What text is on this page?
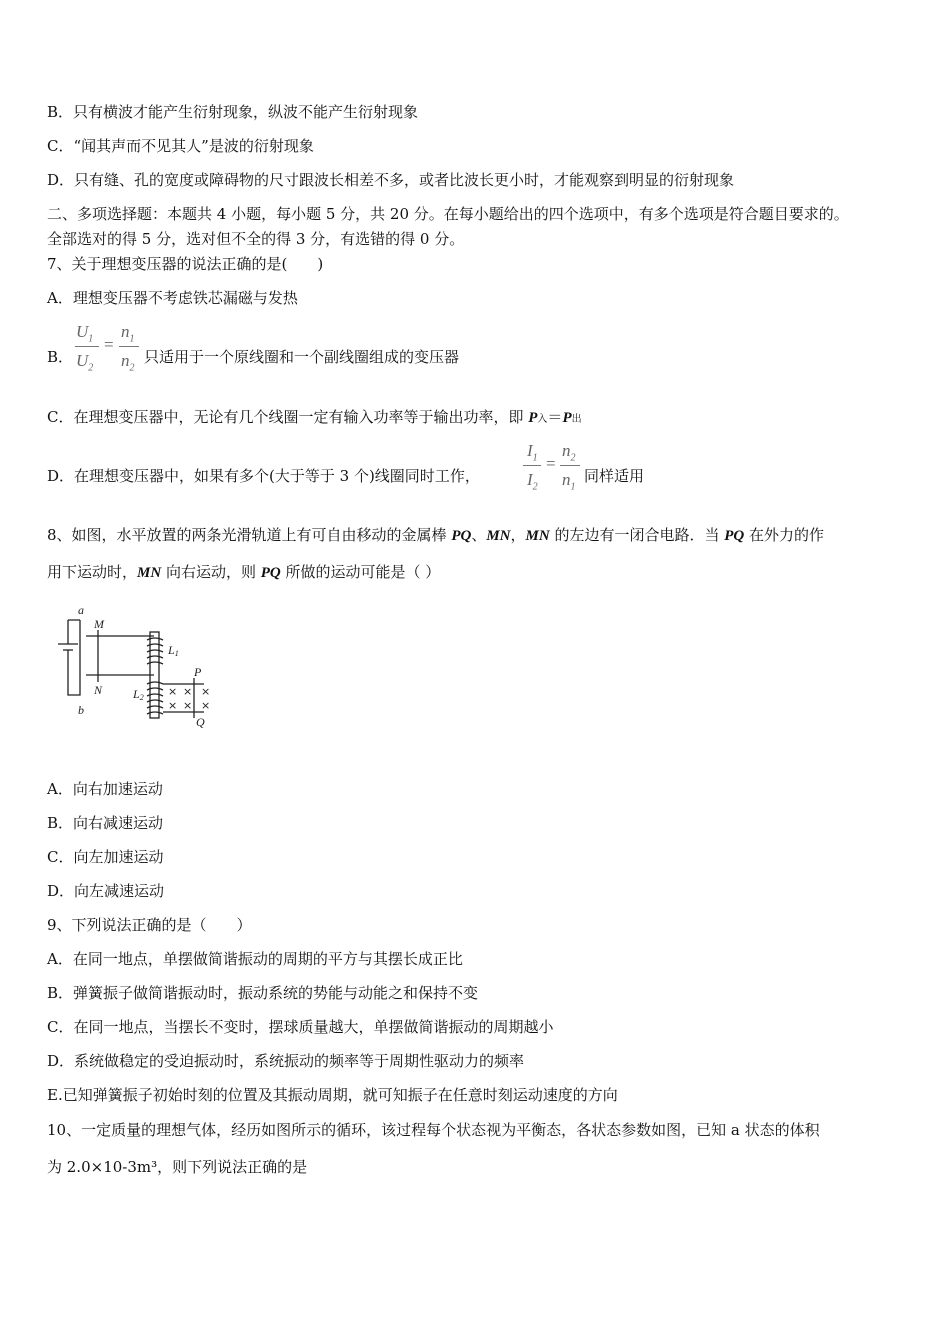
B．只有横波才能产生衍射现象，纵波不能产生衍射现象
C．“闻其声而不见其人”是波的衍射现象
D．只有缝、孔的宽度或障碍物的尺寸跟波长相差不多，或者比波长更小时，才能观察到明显的衍射现象
二、多项选择题：本题共 4 小题，每小题 5 分，共 20 分。在每小题给出的四个选项中，有多个选项是符合题目要求的。
全部选对的得 5 分，选对但不全的得 3 分，有选错的得 0 分。
7、关于理想变压器的说法正确的是(　　)
A．理想变压器不考虑铁芯漏磁与发热
B．
$U_1$
$U_2$
=
$n_1$
$n_2$
只适用于一个原线圈和一个副线圈组成的变压器
C．在理想变压器中，无论有几个线圈一定有输入功率等于输出功率，即 P入＝P出
D．在理想变压器中，如果有多个(大于等于 3 个)线圈同时工作，
$I_1$
$I_2$
=
$n_2$
$n_1$
同样适用
8、如图，水平放置的两条光滑轨道上有可自由移动的金属棒 PQ、MN，MN 的左边有一闭合电路．当 PQ 在外力的作
用下运动时，MN 向右运动，则 PQ 所做的运动可能是（ ）
a
b
M
N
L1
L2
P
Q
× × ×
× × ×
A．向右加速运动
B．向右减速运动
C．向左加速运动
D．向左减速运动
9、下列说法正确的是（　　）
A．在同一地点，单摆做简谐振动的周期的平方与其摆长成正比
B．弹簧振子做简谐振动时，振动系统的势能与动能之和保持不变
C．在同一地点，当摆长不变时，摆球质量越大，单摆做简谐振动的周期越小
D．系统做稳定的受迫振动时，系统振动的频率等于周期性驱动力的频率
E.已知弹簧振子初始时刻的位置及其振动周期，就可知振子在任意时刻运动速度的方向
10、一定质量的理想气体，经历如图所示的循环，该过程每个状态视为平衡态，各状态参数如图，已知 a 状态的体积
为 2.0×10-3m³，则下列说法正确的是
